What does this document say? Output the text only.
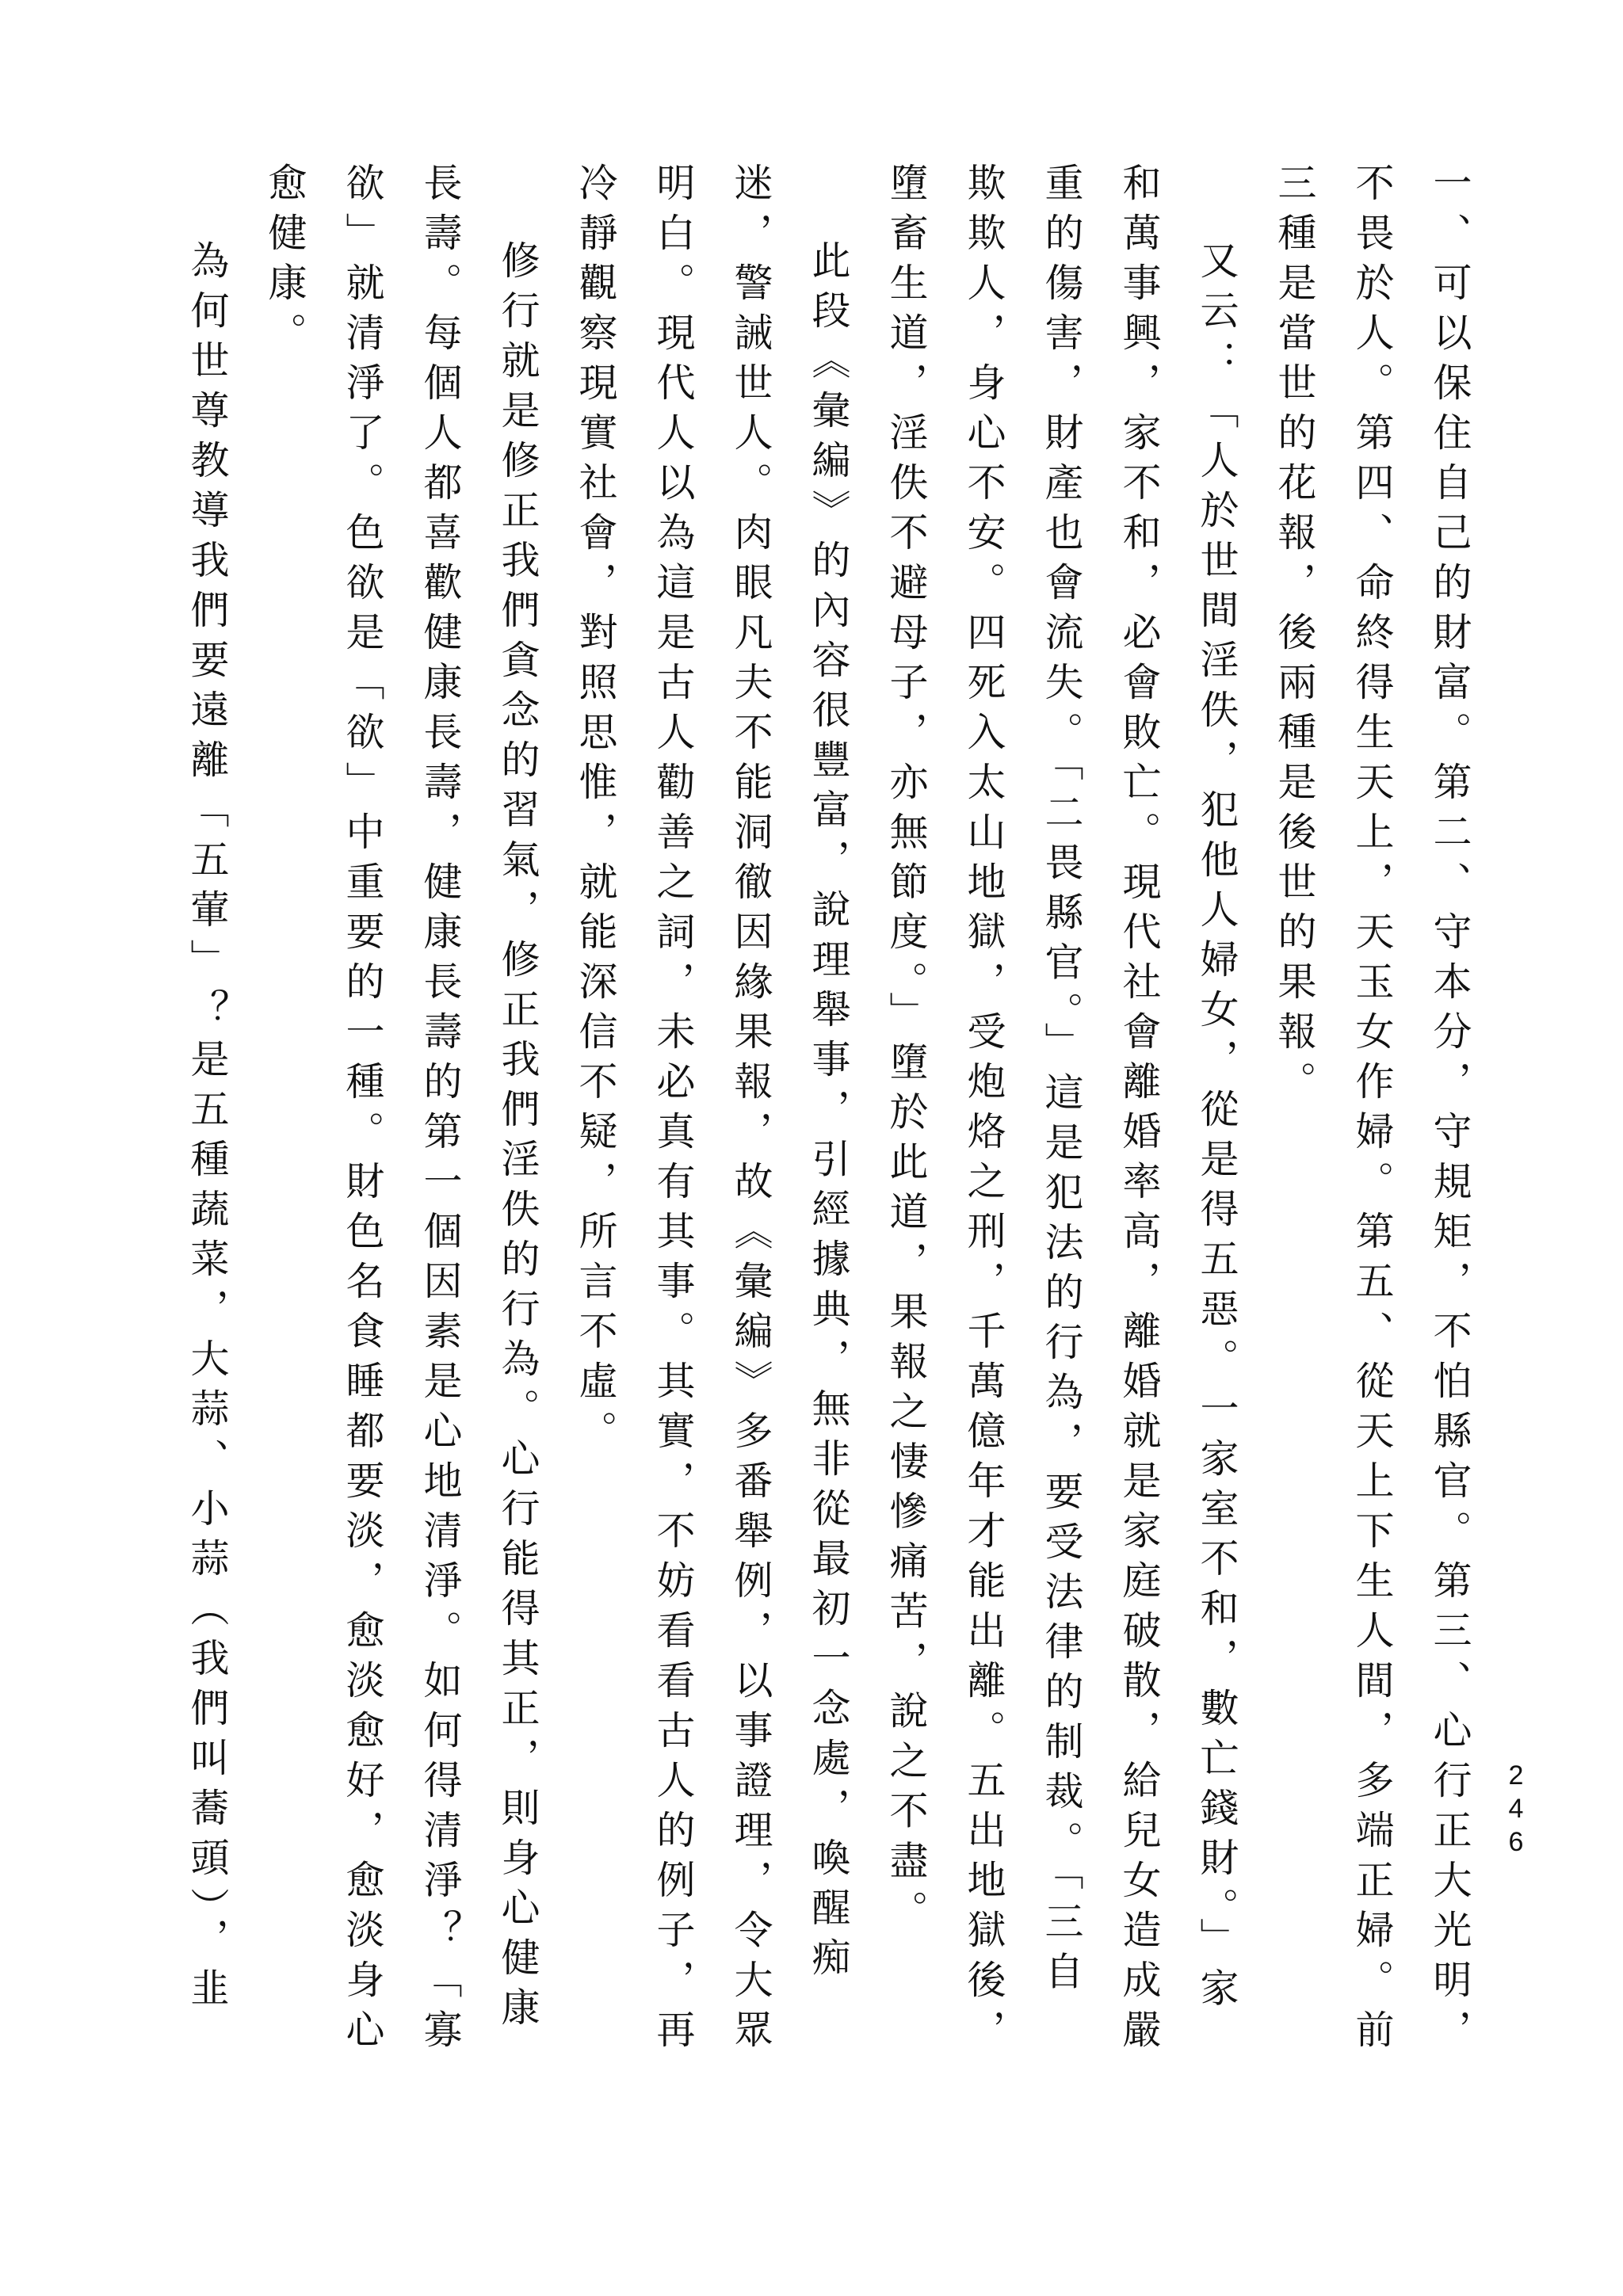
246

一、可以保住自己的財富。第二、守本分，守規矩，不怕縣官。第三、心行正大光明，

不畏於人。第四、命終得生天上，天玉女作婦。第五、從天上下生人間，多端正婦。前

三種是當世的花報，後兩種是後世的果報。

又云：「人於世間淫佚，犯他人婦女，從是得五惡。一家室不和，數亡錢財。」家

和萬事興，家不和，必會敗亡。現代社會離婚率高，離婚就是家庭破散，給兒女造成嚴

重的傷害，財產也會流失。「二畏縣官。」這是犯法的行為，要受法律的制裁。「三自

欺欺人，身心不安。四死入太山地獄，受炮烙之刑，千萬億年才能出離。五出地獄後，

墮畜生道，淫佚不避母子，亦無節度。」墮於此道，果報之悽慘痛苦，說之不盡。

此段《彙編》的內容很豐富，說理舉事，引經據典，無非從最初一念處，喚醒痴

迷，警誡世人。肉眼凡夫不能洞徹因緣果報，故《彙編》多番舉例，以事證理，令大眾

明白。現代人以為這是古人勸善之詞，未必真有其事。其實，不妨看看古人的例子，再

冷靜觀察現實社會，對照思惟，就能深信不疑，所言不虛。

修行就是修正我們貪念的習氣，修正我們淫佚的行為。心行能得其正，則身心健康

長壽。每個人都喜歡健康長壽，健康長壽的第一個因素是心地清淨。如何得清淨？「寡

欲」就清淨了。色欲是「欲」中重要的一種。財色名食睡都要淡，愈淡愈好，愈淡身心

愈健康。

為何世尊教導我們要遠離「五葷」？是五種蔬菜，大蒜、小蒜（我們叫蕎頭），韭
